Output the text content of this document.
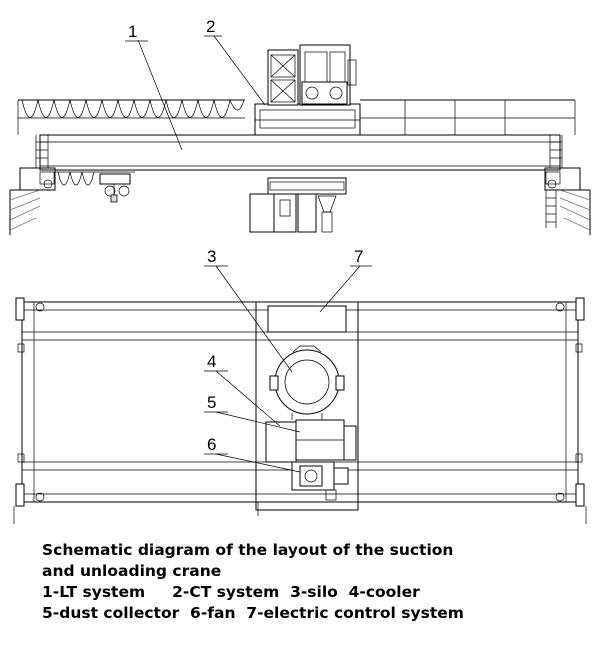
1	2
3	7
4
5
6
Schematic diagram of the layout of the suction
and unloading crane
1-LT system     2-CT system  3-silo  4-cooler
5-dust collector  6-fan  7-electric control system
